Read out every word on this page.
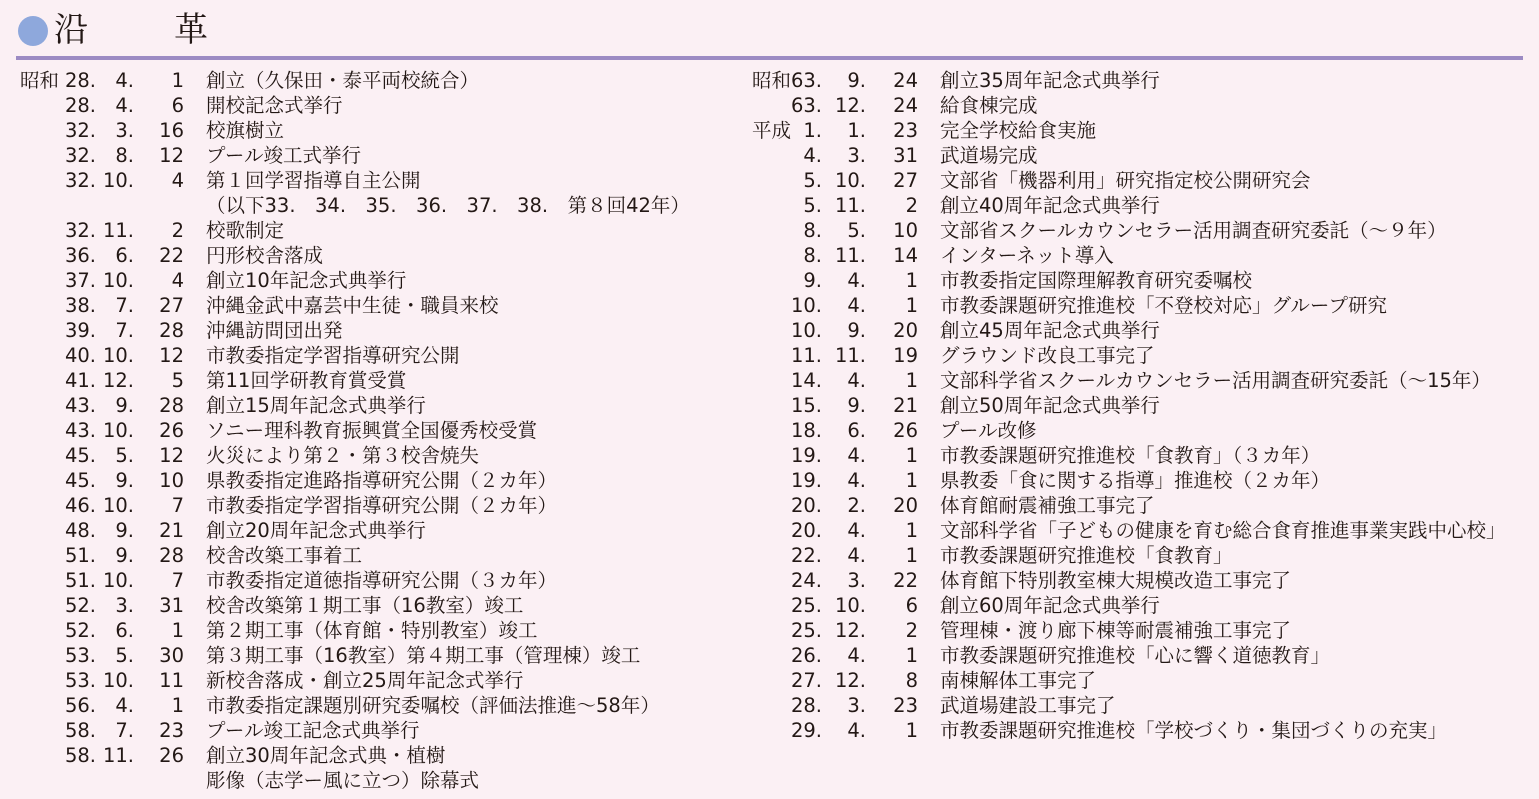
沿　革
昭和 28. 4.	1 創立（久保田・泰平両校統合）
28. 4.	6 開校記念式挙行
32. 3.	16 校旗樹立
32. 8.	12 プール竣工式挙行
32. 10.	4 第１回学習指導自主公開
（以下33.　34.　35.　36.　37.　38.　第８回42年）
32. 11.	2 校歌制定
36. 6.	22 円形校舎落成
37. 10.	4 創立10年記念式典挙行
38. 7.	27 沖縄金武中嘉芸中生徒・職員来校
39. 7.	28 沖縄訪問団出発
40. 10.	12 市教委指定学習指導研究公開
41. 12.	5 第11回学研教育賞受賞
43. 9.	28 創立15周年記念式典挙行
43. 10.	26 ソニー理科教育振興賞全国優秀校受賞
45. 5.	12 火災により第２・第３校舎焼失
45. 9.	10 県教委指定進路指導研究公開（２カ年）
46. 10.	7 市教委指定学習指導研究公開（２カ年）
48. 9.	21 創立20周年記念式典挙行
51. 9.	28 校舎改築工事着工
51. 10.	7 市教委指定道徳指導研究公開（３カ年）
52. 3.	31 校舎改築第１期工事（16教室）竣工
52. 6.	1 第２期工事（体育館・特別教室）竣工
53. 5.	30 第３期工事（16教室）第４期工事（管理棟）竣工
53. 10.	11 新校舎落成・創立25周年記念式挙行
56. 4.	1 市教委指定課題別研究委嘱校（評価法推進〜58年）
58. 7.	23 プール竣工記念式典挙行
58. 11.	26 創立30周年記念式典・植樹
彫像（志学ー風に立つ）除幕式
昭和 63.	9.	24 創立35周年記念式典挙行
63. 12.	24 給食棟完成
平成 1.	1.	23 完全学校給食実施
4.	3.	31 武道場完成
5. 10.	27 文部省「機器利用」研究指定校公開研究会
5. 11.	2 創立40周年記念式典挙行
8.	5.	10 文部省スクールカウンセラー活用調査研究委託（〜９年）
8. 11.	14 インターネット導入
9.	4.	1 市教委指定国際理解教育研究委嘱校
10.	4.	1 市教委課題研究推進校「不登校対応」グループ研究
10.	9.	20 創立45周年記念式典挙行
11. 11.	19 グラウンド改良工事完了
14.	4.	1 文部科学省スクールカウンセラー活用調査研究委託（〜15年）
15.	9.	21 創立50周年記念式典挙行
18.	6.	26 プール改修
19.	4.	1 市教委課題研究推進校「食教育」（３カ年）
19.	4.	1 県教委「食に関する指導」推進校（２カ年）
20.	2.	20 体育館耐震補強工事完了
20.	4.	1 文部科学省「子どもの健康を育む総合食育推進事業実践中心校」
22.	4.	1 市教委課題研究推進校「食教育」
24.	3.	22 体育館下特別教室棟大規模改造工事完了
25. 10.	6 創立60周年記念式典挙行
25. 12.	2 管理棟・渡り廊下棟等耐震補強工事完了
26.	4.	1 市教委課題研究推進校「心に響く道徳教育」
27. 12.	8 南棟解体工事完了
28.	3.	23 武道場建設工事完了
29.	4.	1 市教委課題研究推進校「学校づくり・集団づくりの充実」
